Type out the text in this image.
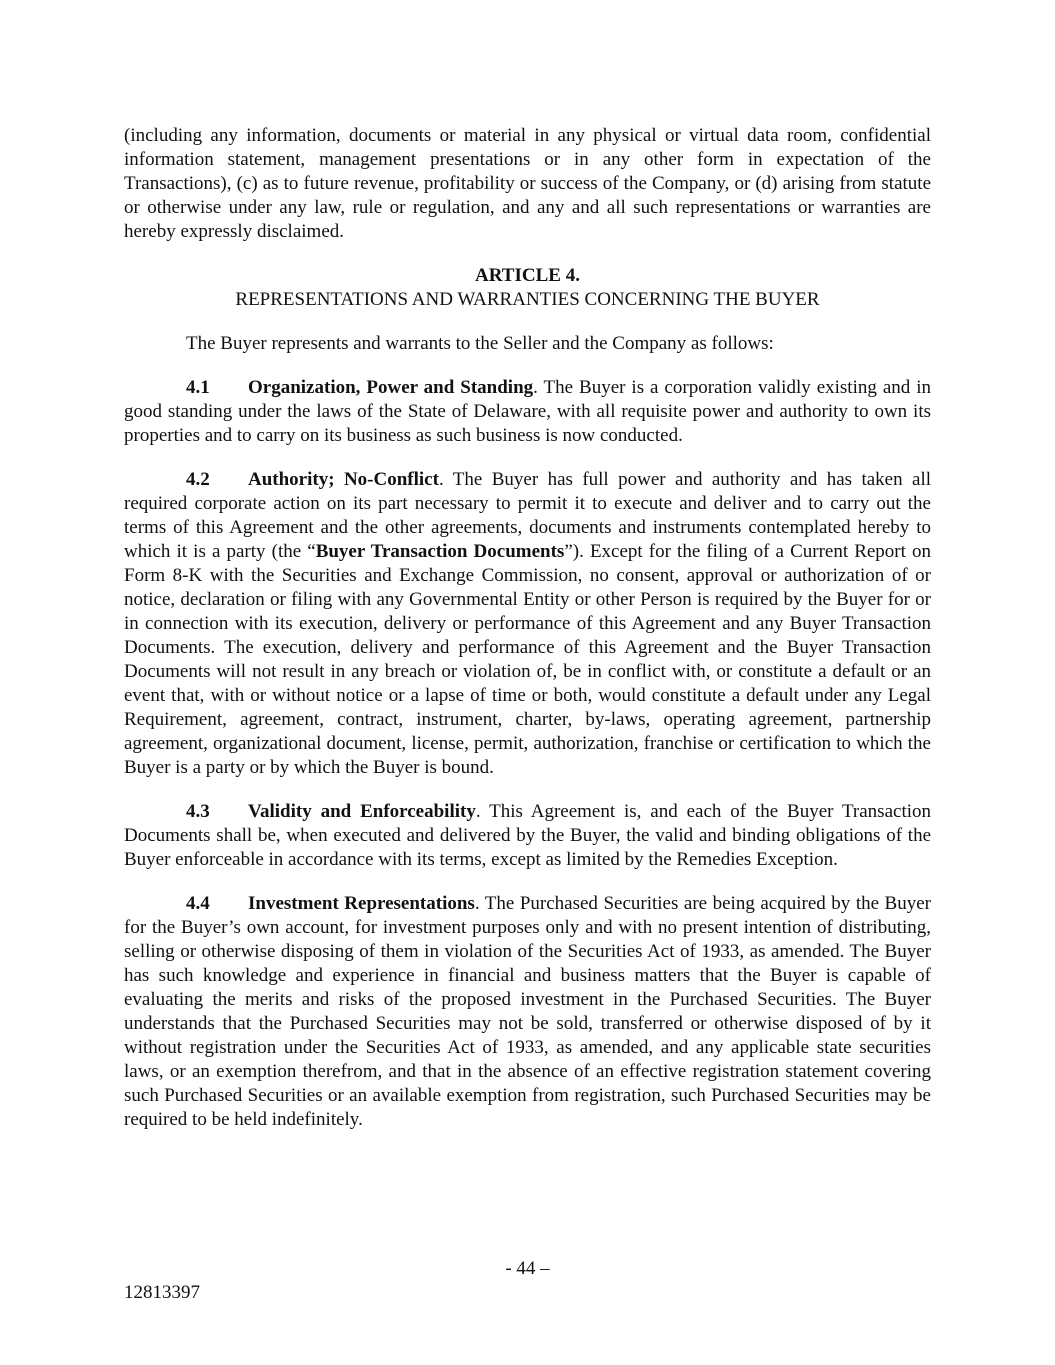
(including any information, documents or material in any physical or virtual data room, confidential information statement, management presentations or in any other form in expectation of the Transactions), (c) as to future revenue, profitability or success of the Company, or (d) arising from statute or otherwise under any law, rule or regulation, and any and all such representations or warranties are hereby expressly disclaimed.

ARTICLE 4.

REPRESENTATIONS AND WARRANTIES CONCERNING THE BUYER

The Buyer represents and warrants to the Seller and the Company as follows:

4.1 Organization, Power and Standing. The Buyer is a corporation validly existing and in good standing under the laws of the State of Delaware, with all requisite power and authority to own its properties and to carry on its business as such business is now conducted.

4.2 Authority; No-Conflict. The Buyer has full power and authority and has taken all required corporate action on its part necessary to permit it to execute and deliver and to carry out the terms of this Agreement and the other agreements, documents and instruments contemplated hereby to which it is a party (the “Buyer Transaction Documents”). Except for the filing of a Current Report on Form 8-K with the Securities and Exchange Commission, no consent, approval or authorization of or notice, declaration or filing with any Governmental Entity or other Person is required by the Buyer for or in connection with its execution, delivery or performance of this Agreement and any Buyer Transaction Documents. The execution, delivery and performance of this Agreement and the Buyer Transaction Documents will not result in any breach or violation of, be in conflict with, or constitute a default or an event that, with or without notice or a lapse of time or both, would constitute a default under any Legal Requirement, agreement, contract, instrument, charter, by-laws, operating agreement, partnership agreement, organizational document, license, permit, authorization, franchise or certification to which the Buyer is a party or by which the Buyer is bound.

4.3 Validity and Enforceability. This Agreement is, and each of the Buyer Transaction Documents shall be, when executed and delivered by the Buyer, the valid and binding obligations of the Buyer enforceable in accordance with its terms, except as limited by the Remedies Exception.

4.4 Investment Representations. The Purchased Securities are being acquired by the Buyer for the Buyer’s own account, for investment purposes only and with no present intention of distributing, selling or otherwise disposing of them in violation of the Securities Act of 1933, as amended. The Buyer has such knowledge and experience in financial and business matters that the Buyer is capable of evaluating the merits and risks of the proposed investment in the Purchased Securities. The Buyer understands that the Purchased Securities may not be sold, transferred or otherwise disposed of by it without registration under the Securities Act of 1933, as amended, and any applicable state securities laws, or an exemption therefrom, and that in the absence of an effective registration statement covering such Purchased Securities or an available exemption from registration, such Purchased Securities may be required to be held indefinitely.

- 44 –
12813397
